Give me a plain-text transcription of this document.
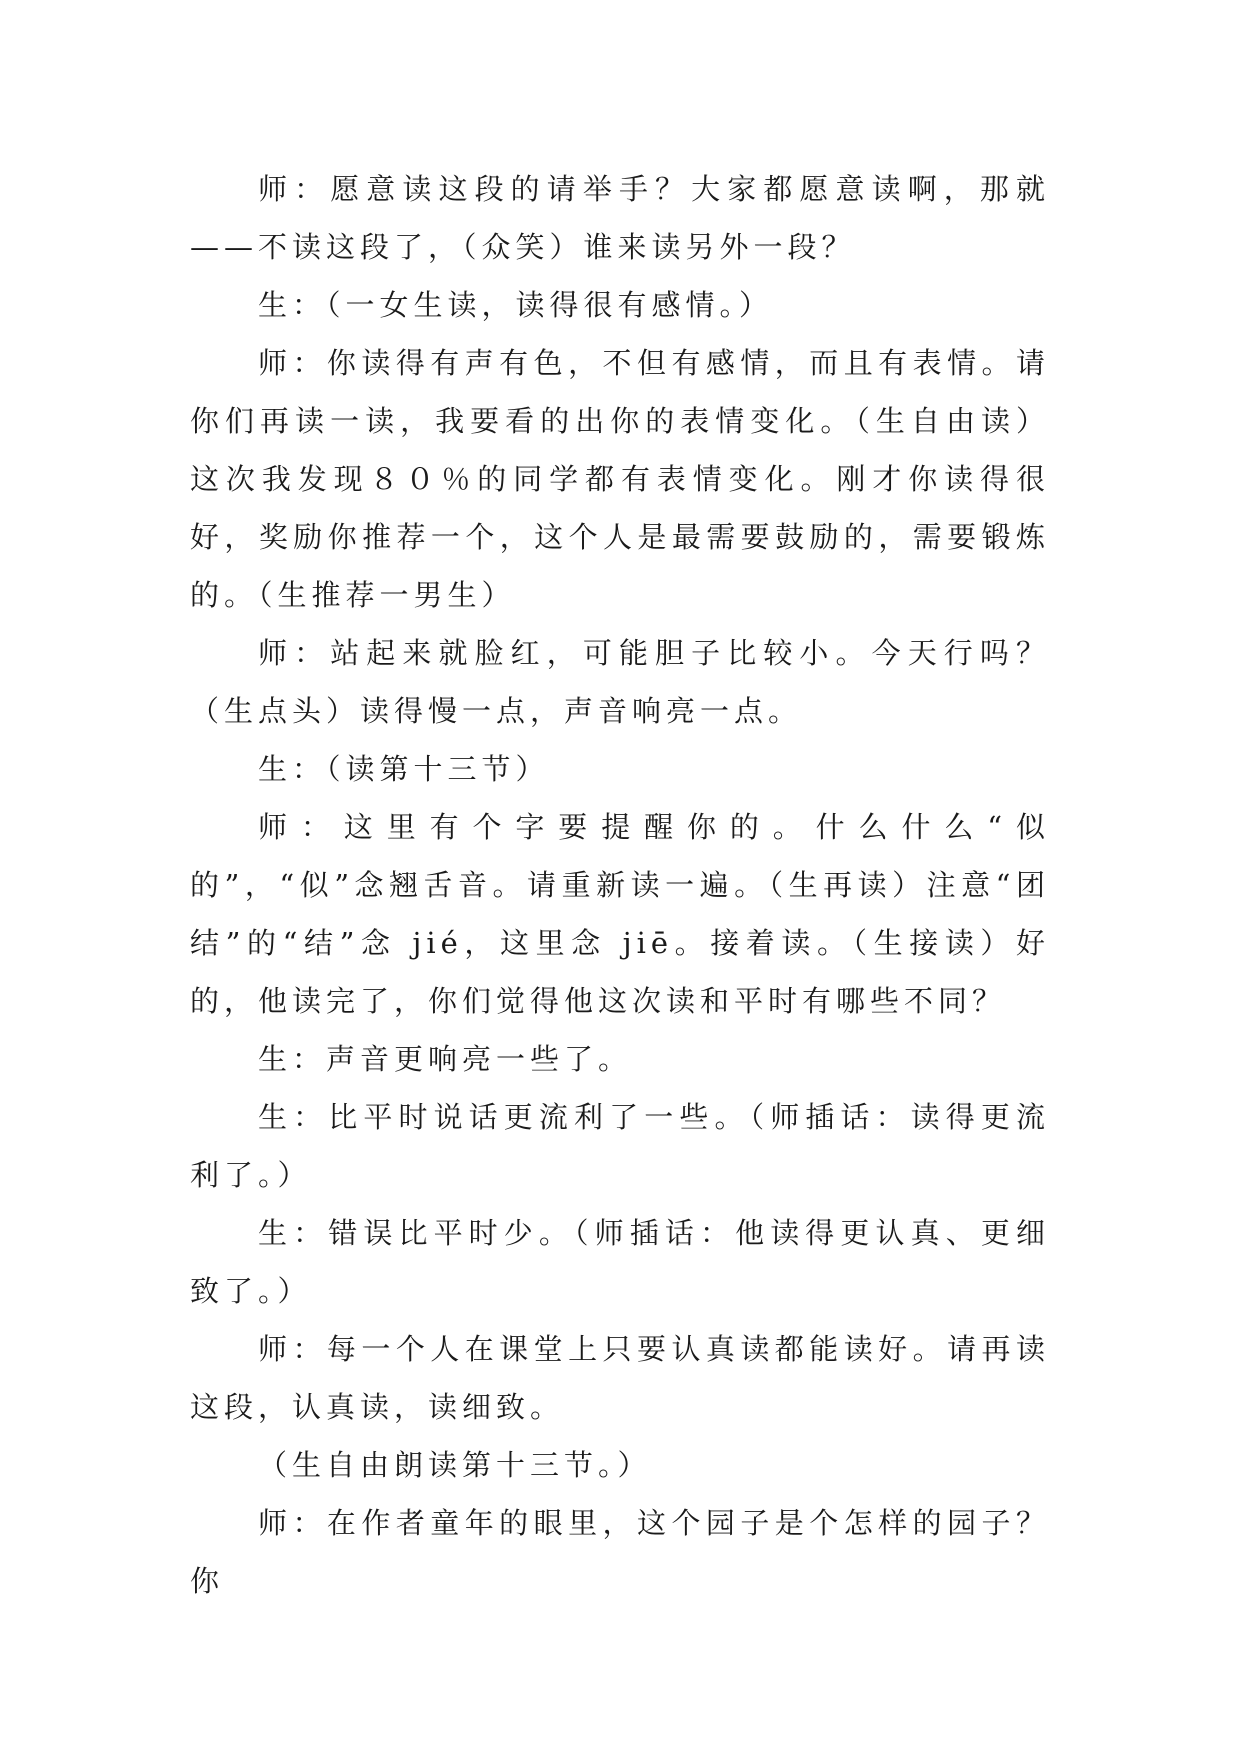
师：愿意读这段的请举手？大家都愿意读啊，那就——不读这段了，（众笑）谁来读另外一段？

生：（一女生读，读得很有感情。）

师：你读得有声有色，不但有感情，而且有表情。请你们再读一读，我要看的出你的表情变化。（生自由读）这次我发现８０％的同学都有表情变化。刚才你读得很好，奖励你推荐一个，这个人是最需要鼓励的，需要锻炼的。（生推荐一男生）

师：站起来就脸红，可能胆子比较小。今天行吗？（生点头）读得慢一点，声音响亮一点。

生：（读第十三节）

师：这里有个字要提醒你的。什么什么“似的”，“似”念翘舌音。请重新读一遍。（生再读）注意“团结”的“结”念 jié，这里念 jiē。接着读。（生接读）好的，他读完了，你们觉得他这次读和平时有哪些不同？

生：声音更响亮一些了。

生：比平时说话更流利了一些。（师插话：读得更流利了。）

生：错误比平时少。（师插话：他读得更认真、更细致了。）

师：每一个人在课堂上只要认真读都能读好。请再读这段，认真读，读细致。

（生自由朗读第十三节。）

师：在作者童年的眼里，这个园子是个怎样的园子？你
